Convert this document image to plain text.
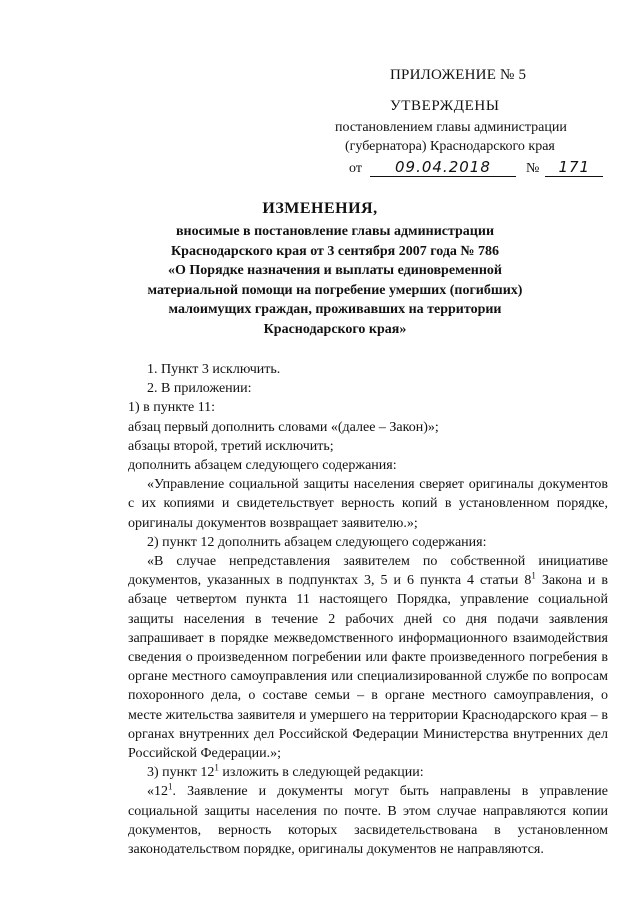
ПРИЛОЖЕНИЕ № 5
УТВЕРЖДЕНЫ
постановлением главы администрации
(губернатора) Краснодарского края
от 09.04.2018	№ 171
ИЗМЕНЕНИЯ,
вносимые в постановление главы администрации
Краснодарского края от 3 сентября 2007 года № 786
«О Порядке назначения и выплаты единовременной
материальной помощи на погребение умерших (погибших)
малоимущих граждан, проживавших на территории
Краснодарского края»

1. Пункт 3 исключить.

2. В приложении:

1) в пункте 11:

абзац первый дополнить словами «(далее – Закон)»;

абзацы второй, третий исключить;

дополнить абзацем следующего содержания:

«Управление социальной защиты населения сверяет оригиналы документов с их копиями и свидетельствует верность копий в установленном порядке, оригиналы документов возвращает заявителю.»;

2) пункт 12 дополнить абзацем следующего содержания:

«В случае непредставления заявителем по собственной инициативе документов, указанных в подпунктах 3, 5 и 6 пункта 4 статьи $8^1$ Закона и в абзаце четвертом пункта 11 настоящего Порядка, управление социальной защиты населения в течение 2 рабочих дней со дня подачи заявления запрашивает в порядке межведомственного информационного взаимодействия сведения о произведенном погребении или факте произведенного погребения в органе местного самоуправления или специализированной службе по вопросам похоронного дела, о составе семьи – в органе местного самоуправления, о месте жительства заявителя и умершего на территории Краснодарского края – в органах внутренних дел Российской Федерации Министерства внутренних дел Российской Федерации.»;

3) пункт $12^1$ изложить в следующей редакции:

«$12^1$. Заявление и документы могут быть направлены в управление социальной защиты населения по почте. В этом случае направляются копии документов, верность которых засвидетельствована в установленном законодательством порядке, оригиналы документов не направляются.
